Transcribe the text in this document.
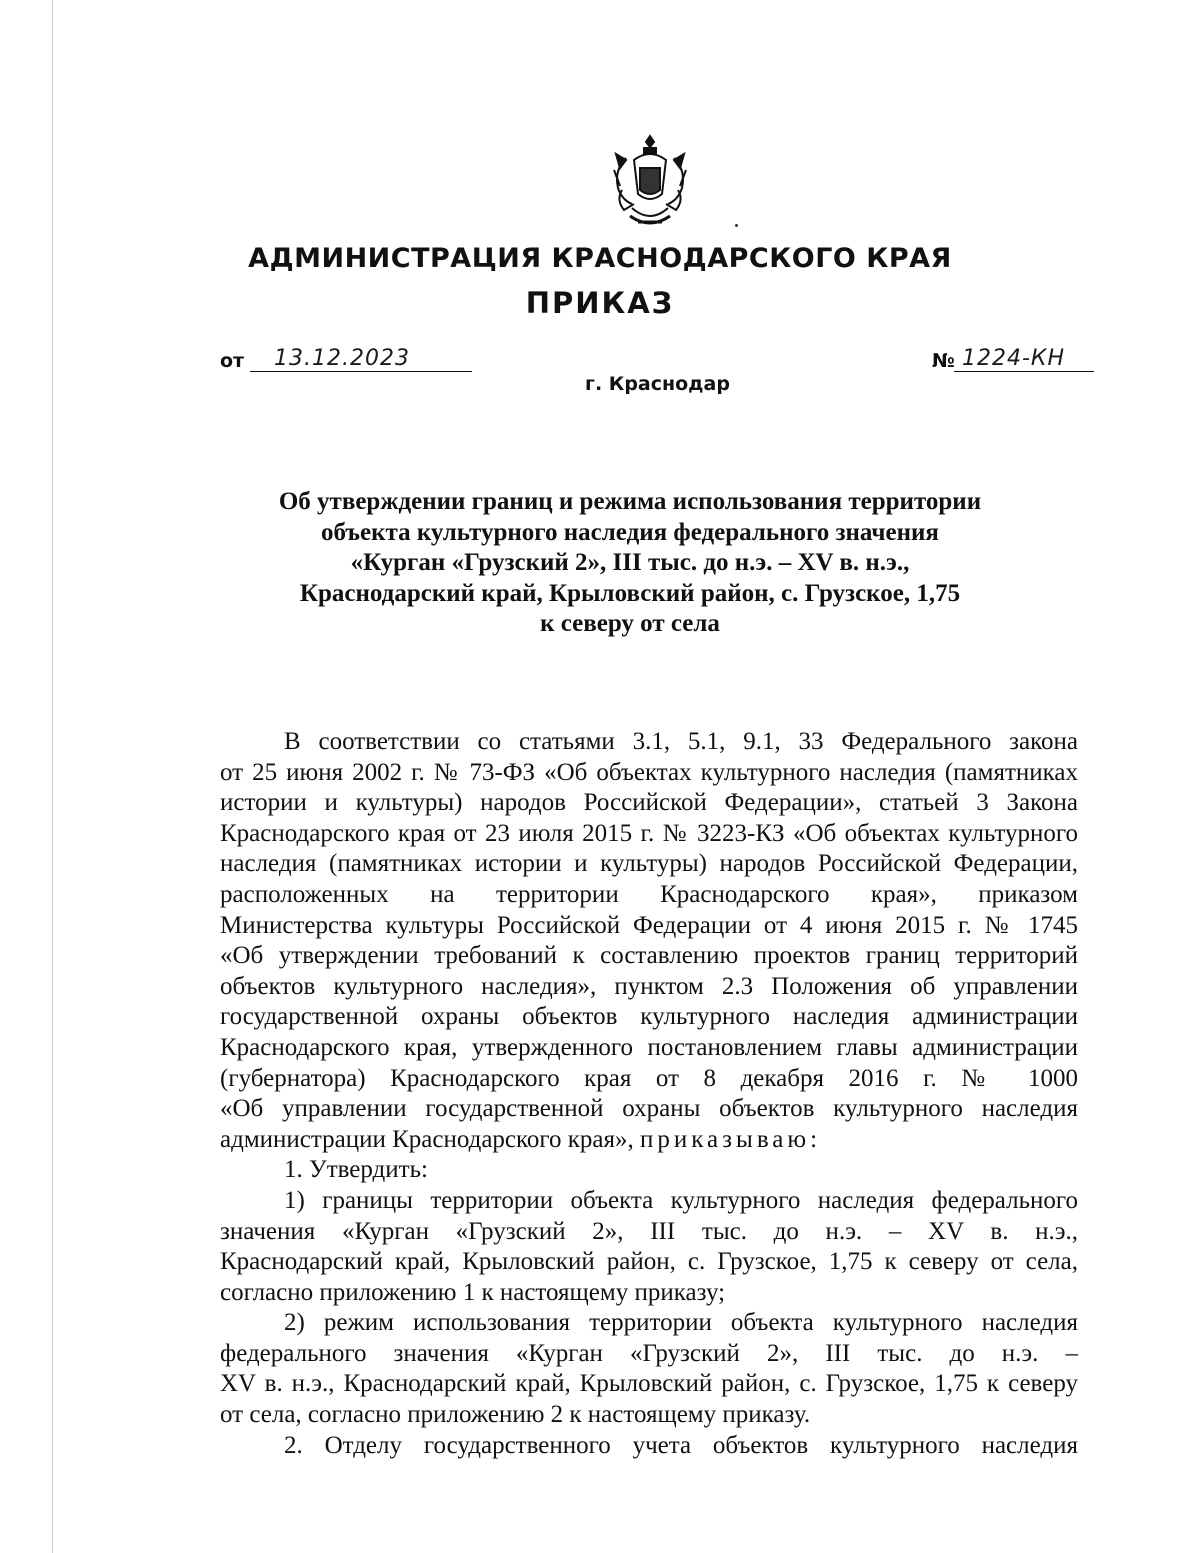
АДМИНИСТРАЦИЯ КРАСНОДАРСКОГО КРАЯ
ПРИКАЗ
от	13.12.2023	№ 1224-КН
г. Краснодар
Об утверждении границ и режима использования территории
объекта культурного наследия федерального значения
«Курган «Грузский 2», III тыс. до н.э. – XV в. н.э.,
Краснодарский край, Крыловский район, с. Грузское, 1,75
к северу от села
В соответствии со статьями 3.1, 5.1, 9.1, 33 Федерального закона
от 25 июня 2002 г. № 73-ФЗ «Об объектах культурного наследия (памятниках
истории и культуры) народов Российской Федерации», статьей 3 Закона
Краснодарского края от 23 июля 2015 г. № 3223-КЗ «Об объектах культурного
наследия (памятниках истории и культуры) народов Российской Федерации,
расположенных на территории Краснодарского края», приказом
Министерства культуры Российской Федерации от 4 июня 2015 г. № 1745
«Об утверждении требований к составлению проектов границ территорий
объектов культурного наследия», пунктом 2.3 Положения об управлении
государственной охраны объектов культурного наследия администрации
Краснодарского края, утвержденного постановлением главы администрации
(губернатора) Краснодарского края от 8 декабря 2016 г. № 1000
«Об управлении государственной охраны объектов культурного наследия
администрации Краснодарского края», приказываю:
1. Утвердить:
1) границы территории объекта культурного наследия федерального
значения «Курган «Грузский 2», III тыс. до н.э. – XV в. н.э.,
Краснодарский край, Крыловский район, с. Грузское, 1,75 к северу от села,
согласно приложению 1 к настоящему приказу;
2) режим использования территории объекта культурного наследия
федерального значения «Курган «Грузский 2», III тыс. до н.э. –
XV в. н.э., Краснодарский край, Крыловский район, с. Грузское, 1,75 к северу
от села, согласно приложению 2 к настоящему приказу.
2. Отделу государственного учета объектов культурного наследия
